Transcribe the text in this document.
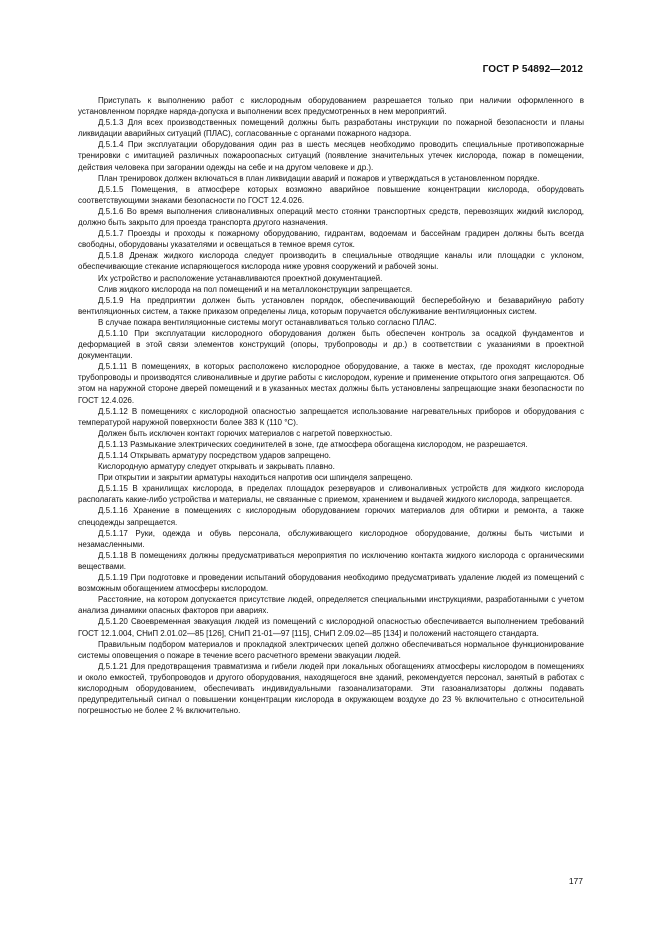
ГОСТ Р 54892—2012

Приступать к выполнению работ с кислородным оборудованием разрешается только при наличии оформленного в установленном порядке наряда-допуска и выполнении всех предусмотренных в нем мероприятий.

Д.5.1.3 Для всех производственных помещений должны быть разработаны инструкции по пожарной безопасности и планы ликвидации аварийных ситуаций (ПЛАС), согласованные с органами пожарного надзора.

Д.5.1.4 При эксплуатации оборудования один раз в шесть месяцев необходимо проводить специальные противопожарные тренировки с имитацией различных пожароопасных ситуаций (появление значительных утечек кислорода, пожар в помещении, действия человека при загорании одежды на себе и на другом человеке и др.).

План тренировок должен включаться в план ликвидации аварий и пожаров и утверждаться в установленном порядке.

Д.5.1.5 Помещения, в атмосфере которых возможно аварийное повышение концентрации кислорода, оборудовать соответствующими знаками безопасности по ГОСТ 12.4.026.

Д.5.1.6 Во время выполнения сливоналивных операций место стоянки транспортных средств, перевозящих жидкий кислород, должно быть закрыто для проезда транспорта другого назначения.

Д.5.1.7 Проезды и проходы к пожарному оборудованию, гидрантам, водоемам и бассейнам градирен должны быть всегда свободны, оборудованы указателями и освещаться в темное время суток.

Д.5.1.8 Дренаж жидкого кислорода следует производить в специальные отводящие каналы или площадки с уклоном, обеспечивающие стекание испаряющегося кислорода ниже уровня сооружений и рабочей зоны.

Их устройство и расположение устанавливаются проектной документацией.

Слив жидкого кислорода на пол помещений и на металлоконструкции запрещается.

Д.5.1.9 На предприятии должен быть установлен порядок, обеспечивающий бесперебойную и безаварийную работу вентиляционных систем, а также приказом определены лица, которым поручается обслуживание вентиляционных систем.

В случае пожара вентиляционные системы могут останавливаться только согласно ПЛАС.

Д.5.1.10 При эксплуатации кислородного оборудования должен быть обеспечен контроль за осадкой фундаментов и деформацией в этой связи элементов конструкций (опоры, трубопроводы и др.) в соответствии с указаниями в проектной документации.

Д.5.1.11 В помещениях, в которых расположено кислородное оборудование, а также в местах, где проходят кислородные трубопроводы и производятся сливоналивные и другие работы с кислородом, курение и применение открытого огня запрещаются. Об этом на наружной стороне дверей помещений и в указанных местах должны быть установлены запрещающие знаки безопасности по ГОСТ 12.4.026.

Д.5.1.12 В помещениях с кислородной опасностью запрещается использование нагревательных приборов и оборудования с температурой наружной поверхности более 383 К (110 °С).

Должен быть исключен контакт горючих материалов с нагретой поверхностью.

Д.5.1.13 Размыкание электрических соединителей в зоне, где атмосфера обогащена кислородом, не разрешается.

Д.5.1.14 Открывать арматуру посредством ударов запрещено.

Кислородную арматуру следует открывать и закрывать плавно.

При открытии и закрытии арматуры находиться напротив оси шпинделя запрещено.

Д.5.1.15 В хранилищах кислорода, в пределах площадок резервуаров и сливоналивных устройств для жидкого кислорода располагать какие-либо устройства и материалы, не связанные с приемом, хранением и выдачей жидкого кислорода, запрещается.

Д.5.1.16 Хранение в помещениях с кислородным оборудованием горючих материалов для обтирки и ремонта, а также спецодежды запрещается.

Д.5.1.17 Руки, одежда и обувь персонала, обслуживающего кислородное оборудование, должны быть чистыми и незамасленными.

Д.5.1.18 В помещениях должны предусматриваться мероприятия по исключению контакта жидкого кислорода с органическими веществами.

Д.5.1.19 При подготовке и проведении испытаний оборудования необходимо предусматривать удаление людей из помещений с возможным обогащением атмосферы кислородом.

Расстояние, на котором допускается присутствие людей, определяется специальными инструкциями, разработанными с учетом анализа динамики опасных факторов при авариях.

Д.5.1.20 Своевременная эвакуация людей из помещений с кислородной опасностью обеспечивается выполнением требований ГОСТ 12.1.004, СНиП 2.01.02—85 [126], СНиП 21-01—97 [115], СНиП 2.09.02—85 [134] и положений настоящего стандарта.

Правильным подбором материалов и прокладкой электрических цепей должно обеспечиваться нормальное функционирование системы оповещения о пожаре в течение всего расчетного времени эвакуации людей.

Д.5.1.21 Для предотвращения травматизма и гибели людей при локальных обогащениях атмосферы кислородом в помещениях и около емкостей, трубопроводов и другого оборудования, находящегося вне зданий, рекомендуется персонал, занятый в работах с кислородным оборудованием, обеспечивать индивидуальными газоанализаторами. Эти газоанализаторы должны подавать предупредительный сигнал о повышении концентрации кислорода в окружающем воздухе до 23 % включительно с относительной погрешностью не более 2 % включительно.

177
